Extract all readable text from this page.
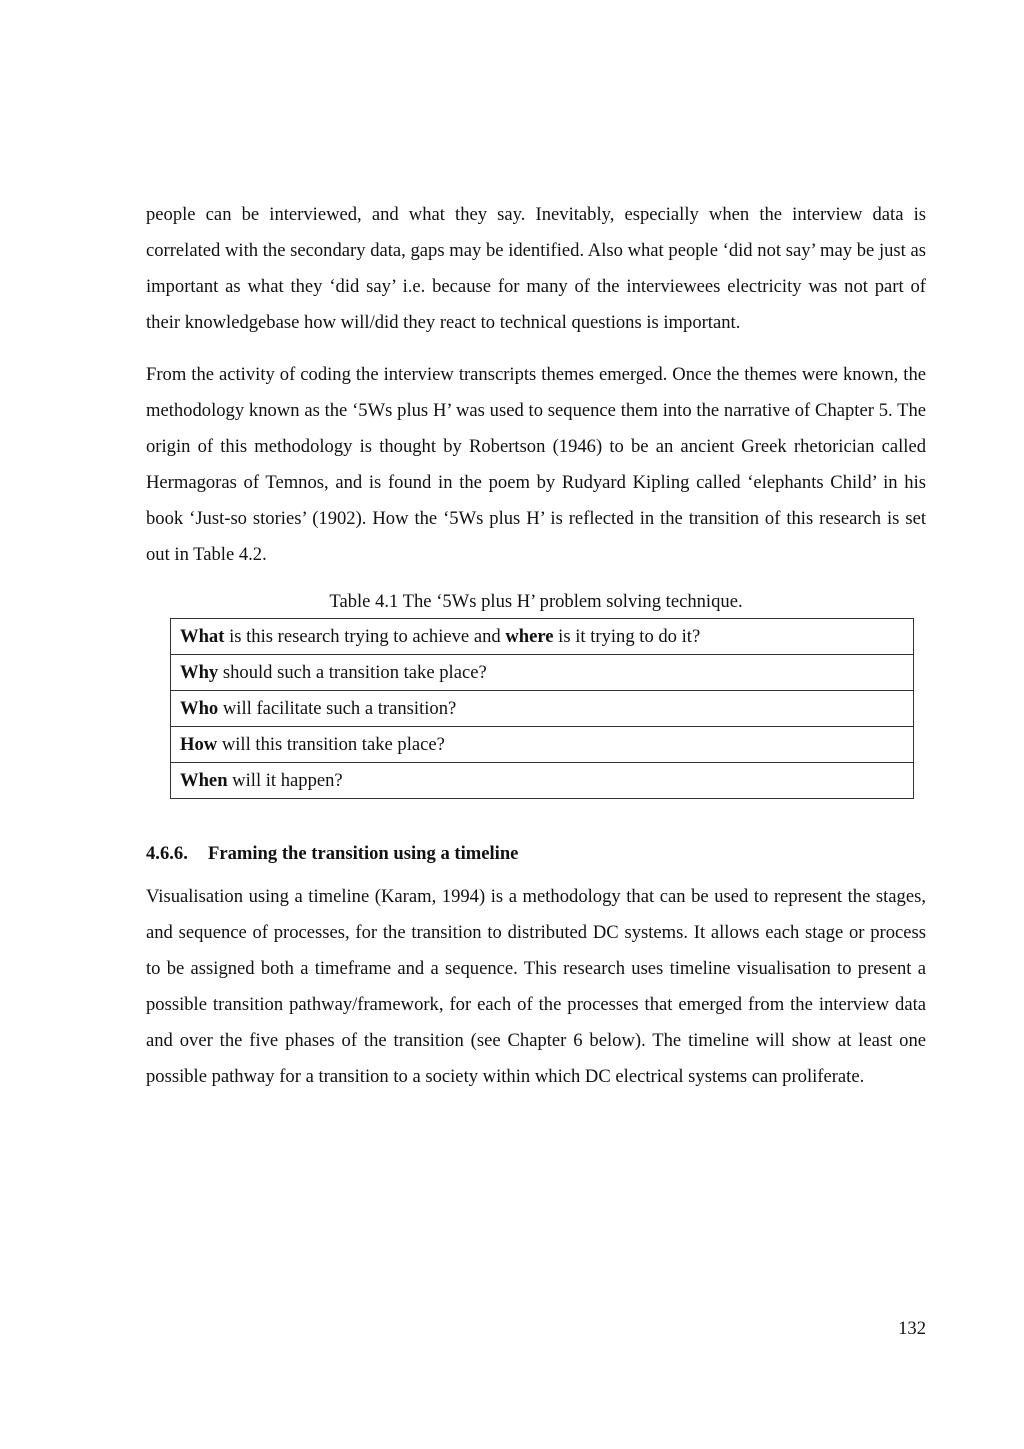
people can be interviewed, and what they say. Inevitably, especially when the interview data is correlated with the secondary data, gaps may be identified. Also what people ‘did not say’ may be just as important as what they ‘did say’ i.e. because for many of the interviewees electricity was not part of their knowledgebase how will/did they react to technical questions is important.

From the activity of coding the interview transcripts themes emerged. Once the themes were known, the methodology known as the ‘5Ws plus H’ was used to sequence them into the narrative of Chapter 5. The origin of this methodology is thought by Robertson (1946) to be an ancient Greek rhetorician called Hermagoras of Temnos, and is found in the poem by Rudyard Kipling called ‘elephants Child’ in his book ‘Just-so stories’ (1902). How the ‘5Ws plus H’ is reflected in the transition of this research is set out in Table 4.2.

Table 4.1 The ‘5Ws plus H’ problem solving technique.

What is this research trying to achieve and where is it trying to do it?
Why should such a transition take place?
Who will facilitate such a transition?
How will this transition take place?
When will it happen?
4.6.6. Framing the transition using a timeline

Visualisation using a timeline (Karam, 1994) is a methodology that can be used to represent the stages, and sequence of processes, for the transition to distributed DC systems. It allows each stage or process to be assigned both a timeframe and a sequence. This research uses timeline visualisation to present a possible transition pathway/framework, for each of the processes that emerged from the interview data and over the five phases of the transition (see Chapter 6 below). The timeline will show at least one possible pathway for a transition to a society within which DC electrical systems can proliferate.

132
